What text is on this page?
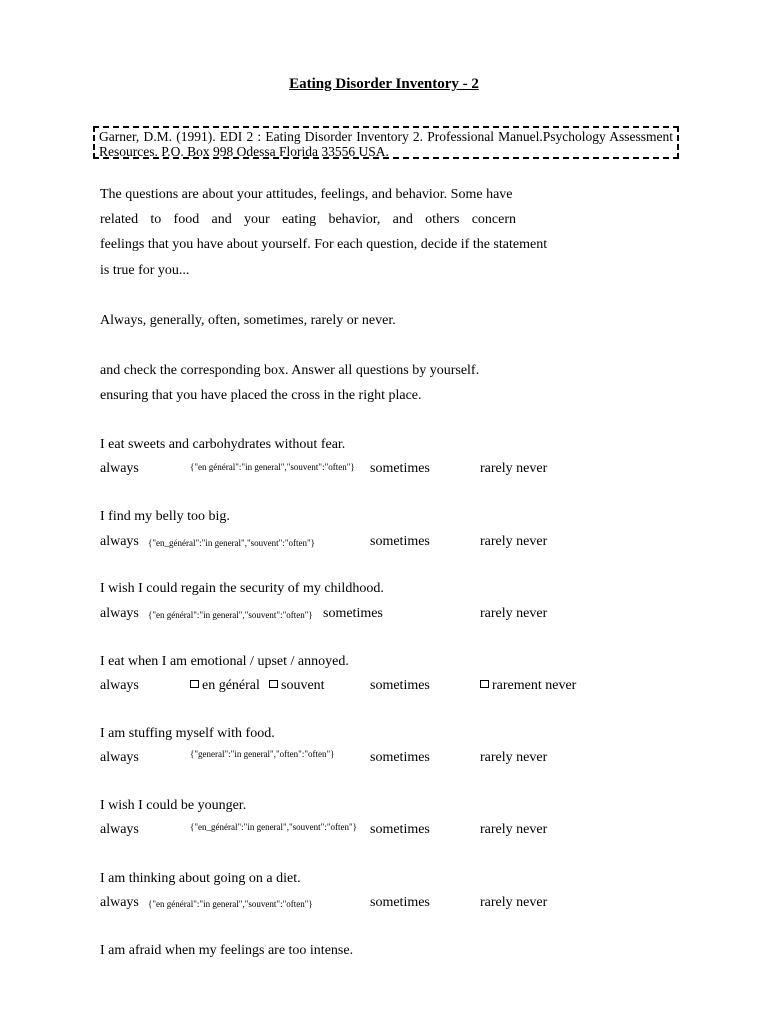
Eating Disorder Inventory - 2
Garner, D.M. (1991). EDI 2 : Eating Disorder Inventory 2. Professional Manuel.Psychology Assessment Resources. P.O. Box 998 Odessa Florida 33556 USA.
The questions are about your attitudes, feelings, and behavior. Some have
related to food and your eating behavior, and others concern
feelings that you have about yourself. For each question, decide if the statement
is true for you...
Always, generally, often, sometimes, rarely or never.
and check the corresponding box. Answer all questions by yourself.
ensuring that you have placed the cross in the right place.
I eat sweets and carbohydrates without fear.
always	{"en général":"in general","souvent":"often"} sometimes	rarely never
I find my belly too big.
always {"en_général":"in general","souvent":"often"}	sometimes	rarely never
I wish I could regain the security of my childhood.
always {"en général":"in general","souvent":"often"} sometimes	rarely never
I eat when I am emotional / upset / annoyed.
always	en général	souvent	sometimes	rarement never
I am stuffing myself with food.
always	{"general":"in general","often":"often"}	sometimes	rarely never
I wish I could be younger.
always	{"en_général":"in general","souvent":"often"} sometimes	rarely never
I am thinking about going on a diet.
always {"en général":"in general","souvent":"often"}	sometimes	rarely never
I am afraid when my feelings are too intense.
